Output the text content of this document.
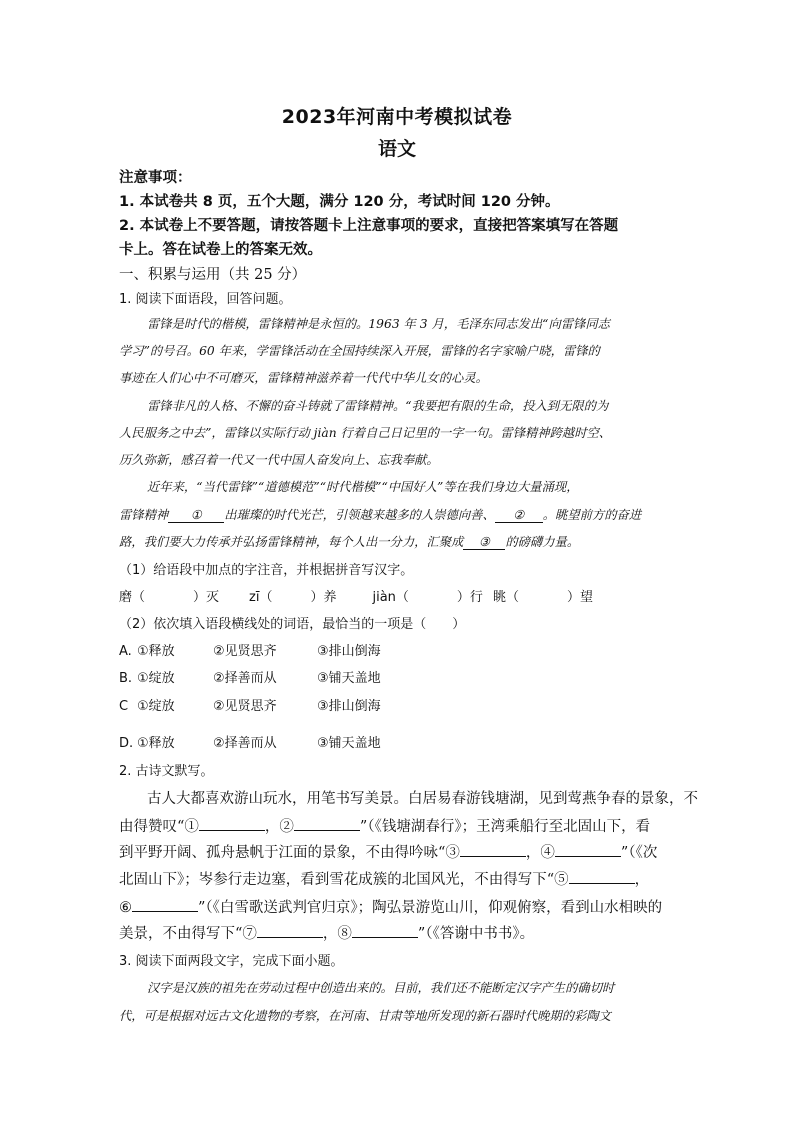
2023年河南中考模拟试卷
语文
注意事项：
1. 本试卷共 8 页，五个大题，满分 120 分，考试时间 120 分钟。
2. 本试卷上不要答题，请按答题卡上注意事项的要求，直接把答案填写在答题
卡上。答在试卷上的答案无效。
一、积累与运用（共 25 分）
1. 阅读下面语段，回答问题。
雷锋是时代的楷模，雷锋精神是永恒的。1963 年 3 月，毛泽东同志发出“向雷锋同志
学习”的号召。60 年来，学雷锋活动在全国持续深入开展，雷锋的名字家喻户晓，雷锋的
事迹在人们心中不可磨灭，雷锋精神滋养着一代代中华儿女的心灵。
雷锋非凡的人格、不懈的奋斗铸就了雷锋精神。“我要把有限的生命，投入到无限的为
人民服务之中去”，雷锋以实际行动 jiàn 行着自己日记里的一字一句。雷锋精神跨越时空、
历久弥新，感召着一代又一代中国人奋发向上、忘我奉献。
近年来，“当代雷锋”“道德模范”“时代楷模”“中国好人”等在我们身边大量涌现，
雷锋精神 ① 出璀璨的时代光芒，引领越来越多的人崇德向善、 ② 。眺望前方的奋进
路，我们要大力传承并弘扬雷锋精神，每个人出一分力，汇聚成 ③ 的磅礴力量。
（1）给语段中加点的字注音，并根据拼音写汉字。
磨（	）灭 zī（	）养	jiàn（	）行 眺（	）望
（2）依次填入语段横线处的词语，最恰当的一项是（　　）
A. ①释放	②见贤思齐	③排山倒海
B. ①绽放	②择善而从	③铺天盖地
C ①绽放	②见贤思齐	③排山倒海
D. ①释放	②择善而从	③铺天盖地
2. 古诗文默写。
古人大都喜欢游山玩水，用笔书写美景。白居易春游钱塘湖，见到莺燕争春的景象，不
由得赞叹“①	，②	”（《钱塘湖春行》；王湾乘船行至北固山下，看
到平野开阔、孤舟悬帆于江面的景象，不由得吟咏“③	，④	”（《次
北固山下》；岑参行走边塞，看到雪花成簇的北国风光，不由得写下“⑤	，
⑥	”（《白雪歌送武判官归京》；陶弘景游览山川，仰观俯察，看到山水相映的
美景，不由得写下“⑦	，⑧	”（《答谢中书书》。
3. 阅读下面两段文字，完成下面小题。
汉字是汉族的祖先在劳动过程中创造出来的。目前，我们还不能断定汉字产生的确切时
代，可是根据对远古文化遗物的考察，在河南、甘肃等地所发现的新石器时代晚期的彩陶文
